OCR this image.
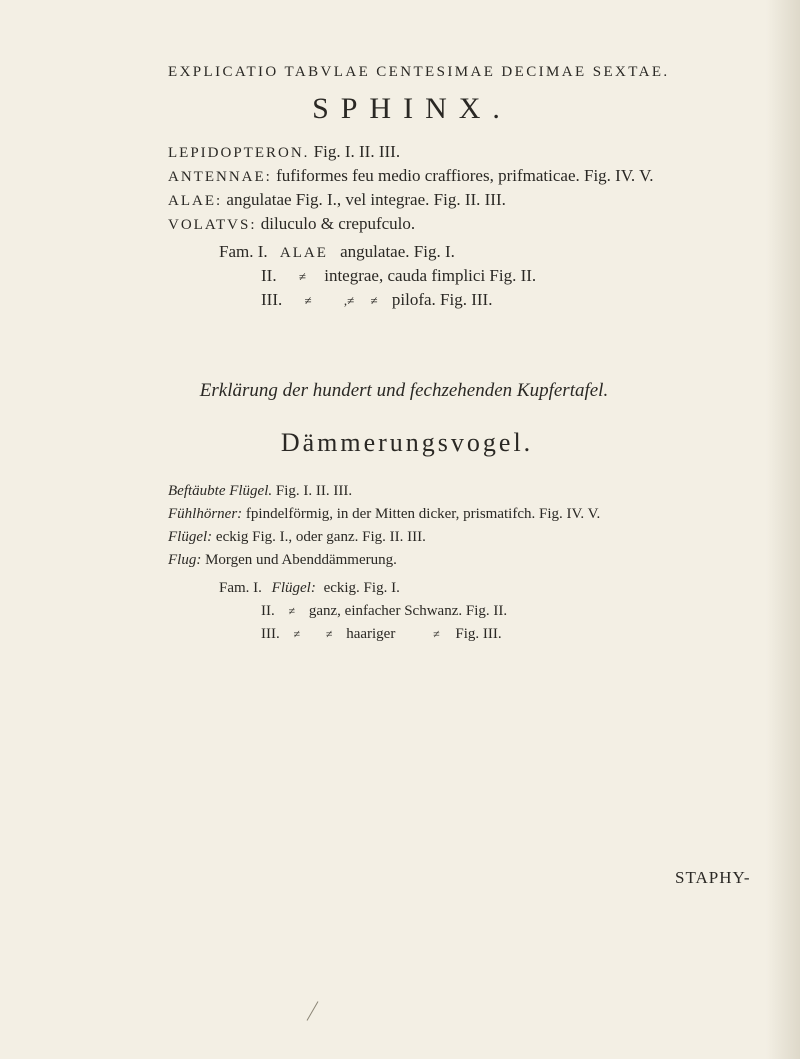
EXPLICATIO TABVLAE CENTESIMAE DECIMAE SEXTAE.
SPHINX.
LEPIDOPTERON. Fig. I. II. III.
ANTENNAE: fufiformes feu medio craffiores, prifmaticae. Fig. IV. V.
ALAE: angulatae Fig. I., vel integrae. Fig. II. III.
VOLATVS: diluculo & crepufculo.
Fam. I. ALAE angulatae. Fig. I.
II. ≠ integrae, cauda fimplici Fig. II.
III. ≠ ,≠ ≠ pilofa. Fig. III.
Erklärung der hundert und fechzehenden Kupfertafel.
Dämmerungsvogel.
Beftäubte Flügel. Fig. I. II. III.
Fühlhörner: fpindelförmig, in der Mitten dicker, prismatifch. Fig. IV. V.
Flügel: eckig Fig. I., oder ganz. Fig. II. III.
Flug: Morgen und Abenddämmerung.
Fam. I. Flügel: eckig. Fig. I.
II. ≠ ganz, einfacher Schwanz. Fig. II.
III. ≠ ≠ haariger	≠ Fig. III.
STAPHY-
